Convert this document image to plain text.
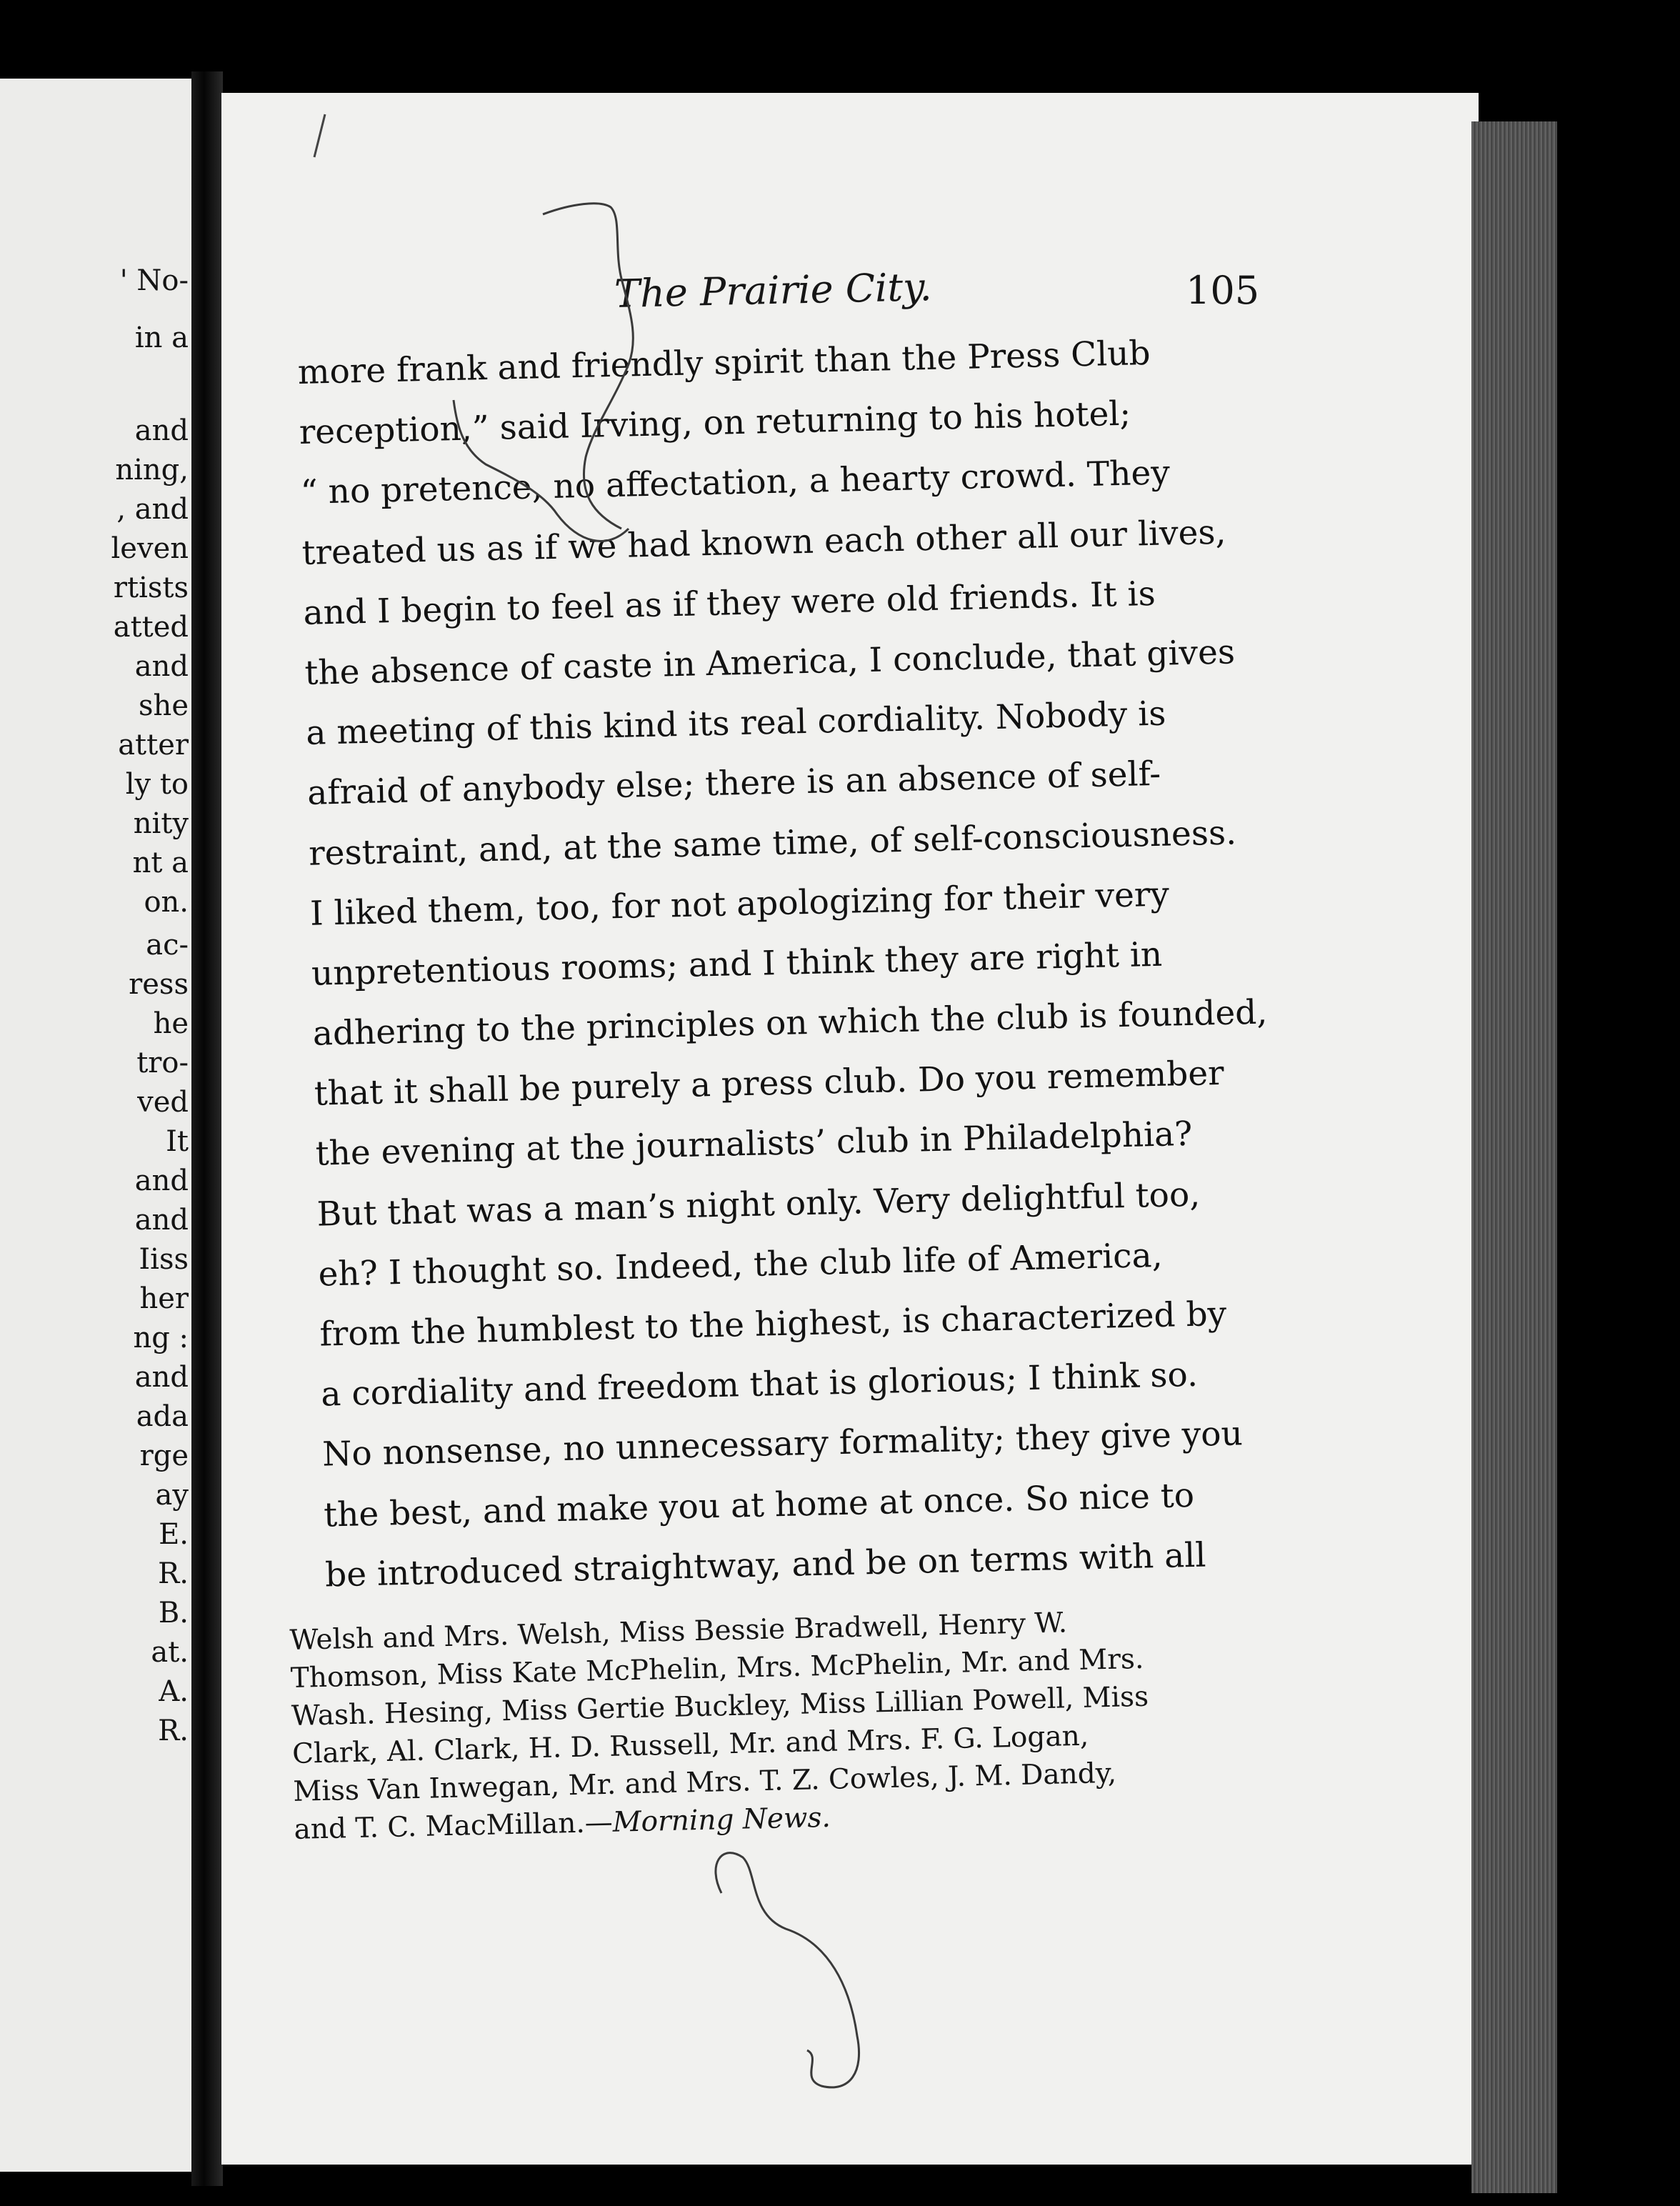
' No-
in a
and
ning,
, and
leven
rtists
atted
and
she
atter
ly to
nity
nt a
on.
ac-
ress
he
tro-
ved
It
and
and
Iiss
her
ng :
and
ada
rge
ay
E.
R.
B.
at.
A.
R.
The Prairie City.	105
more frank and friendly spirit than the Press Club
reception,” said Irving, on returning to his hotel;
“ no pretence, no affectation, a hearty crowd. They
treated us as if we had known each other all our lives,
and I begin to feel as if they were old friends. It is
the absence of caste in America, I conclude, that gives
a meeting of this kind its real cordiality. Nobody is
afraid of anybody else; there is an absence of self-
restraint, and, at the same time, of self-consciousness.
I liked them, too, for not apologizing for their very
unpretentious rooms; and I think they are right in
adhering to the principles on which the club is founded,
that it shall be purely a press club. Do you remember
the evening at the journalists’ club in Philadelphia?
But that was a man’s night only. Very delightful too,
eh? I thought so. Indeed, the club life of America,
from the humblest to the highest, is characterized by
a cordiality and freedom that is glorious; I think so.
No nonsense, no unnecessary formality; they give you
the best, and make you at home at once. So nice to
be introduced straightway, and be on terms with all
Welsh and Mrs. Welsh, Miss Bessie Bradwell, Henry W.
Thomson, Miss Kate McPhelin, Mrs. McPhelin, Mr. and Mrs.
Wash. Hesing, Miss Gertie Buckley, Miss Lillian Powell, Miss
Clark, Al. Clark, H. D. Russell, Mr. and Mrs. F. G. Logan,
Miss Van Inwegan, Mr. and Mrs. T. Z. Cowles, J. M. Dandy,
and T. C. MacMillan.—Morning News.
